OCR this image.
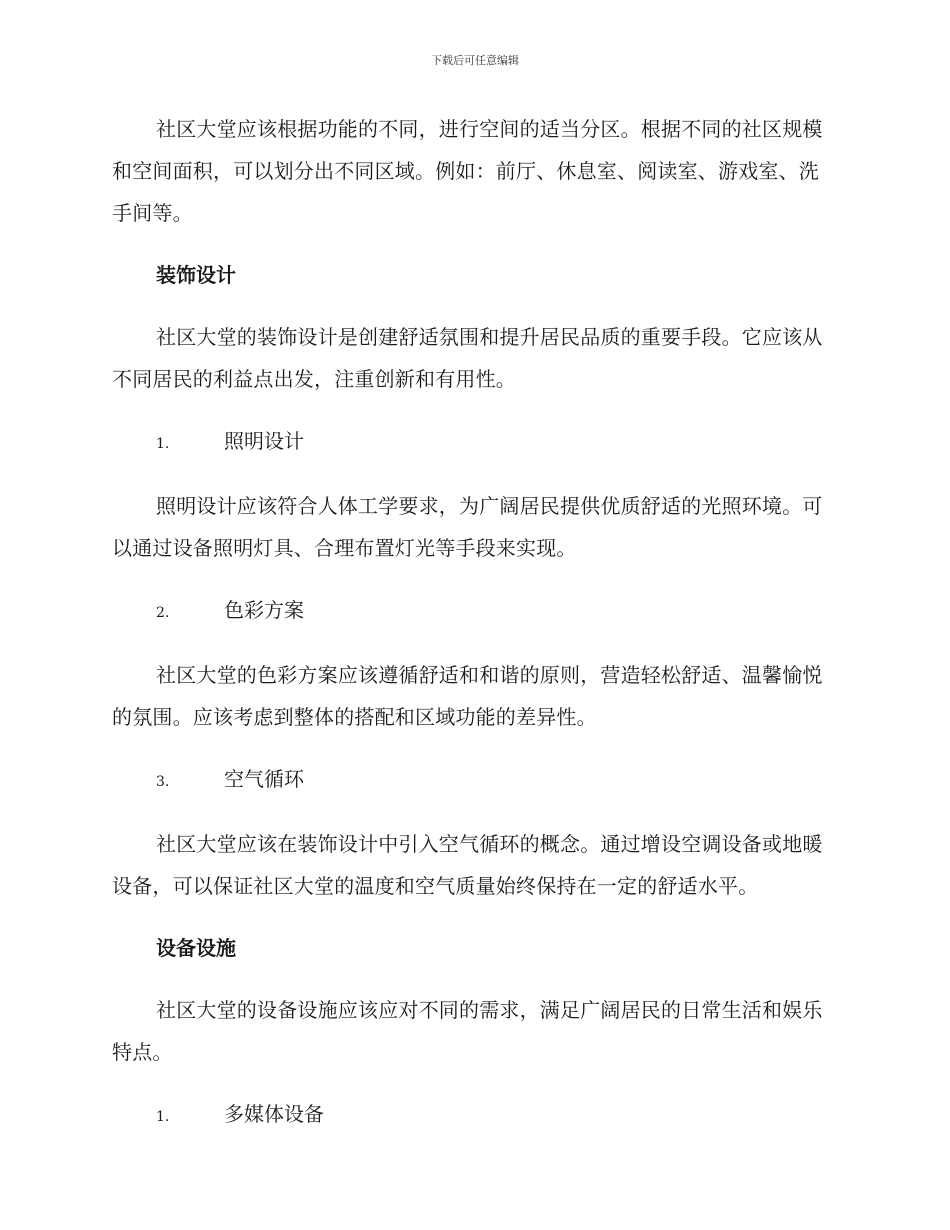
下载后可任意编辑

社区大堂应该根据功能的不同，进行空间的适当分区。根据不同的社区规模和空间面积，可以划分出不同区域。例如：前厅、休息室、阅读室、游戏室、洗手间等。

装饰设计

社区大堂的装饰设计是创建舒适氛围和提升居民品质的重要手段。它应该从不同居民的利益点出发，注重创新和有用性。

1.	照明设计

照明设计应该符合人体工学要求，为广阔居民提供优质舒适的光照环境。可以通过设备照明灯具、合理布置灯光等手段来实现。

2.	色彩方案

社区大堂的色彩方案应该遵循舒适和和谐的原则，营造轻松舒适、温馨愉悦的氛围。应该考虑到整体的搭配和区域功能的差异性。

3.	空气循环

社区大堂应该在装饰设计中引入空气循环的概念。通过增设空调设备或地暖设备，可以保证社区大堂的温度和空气质量始终保持在一定的舒适水平。

设备设施

社区大堂的设备设施应该应对不同的需求，满足广阔居民的日常生活和娱乐特点。

1.	多媒体设备
